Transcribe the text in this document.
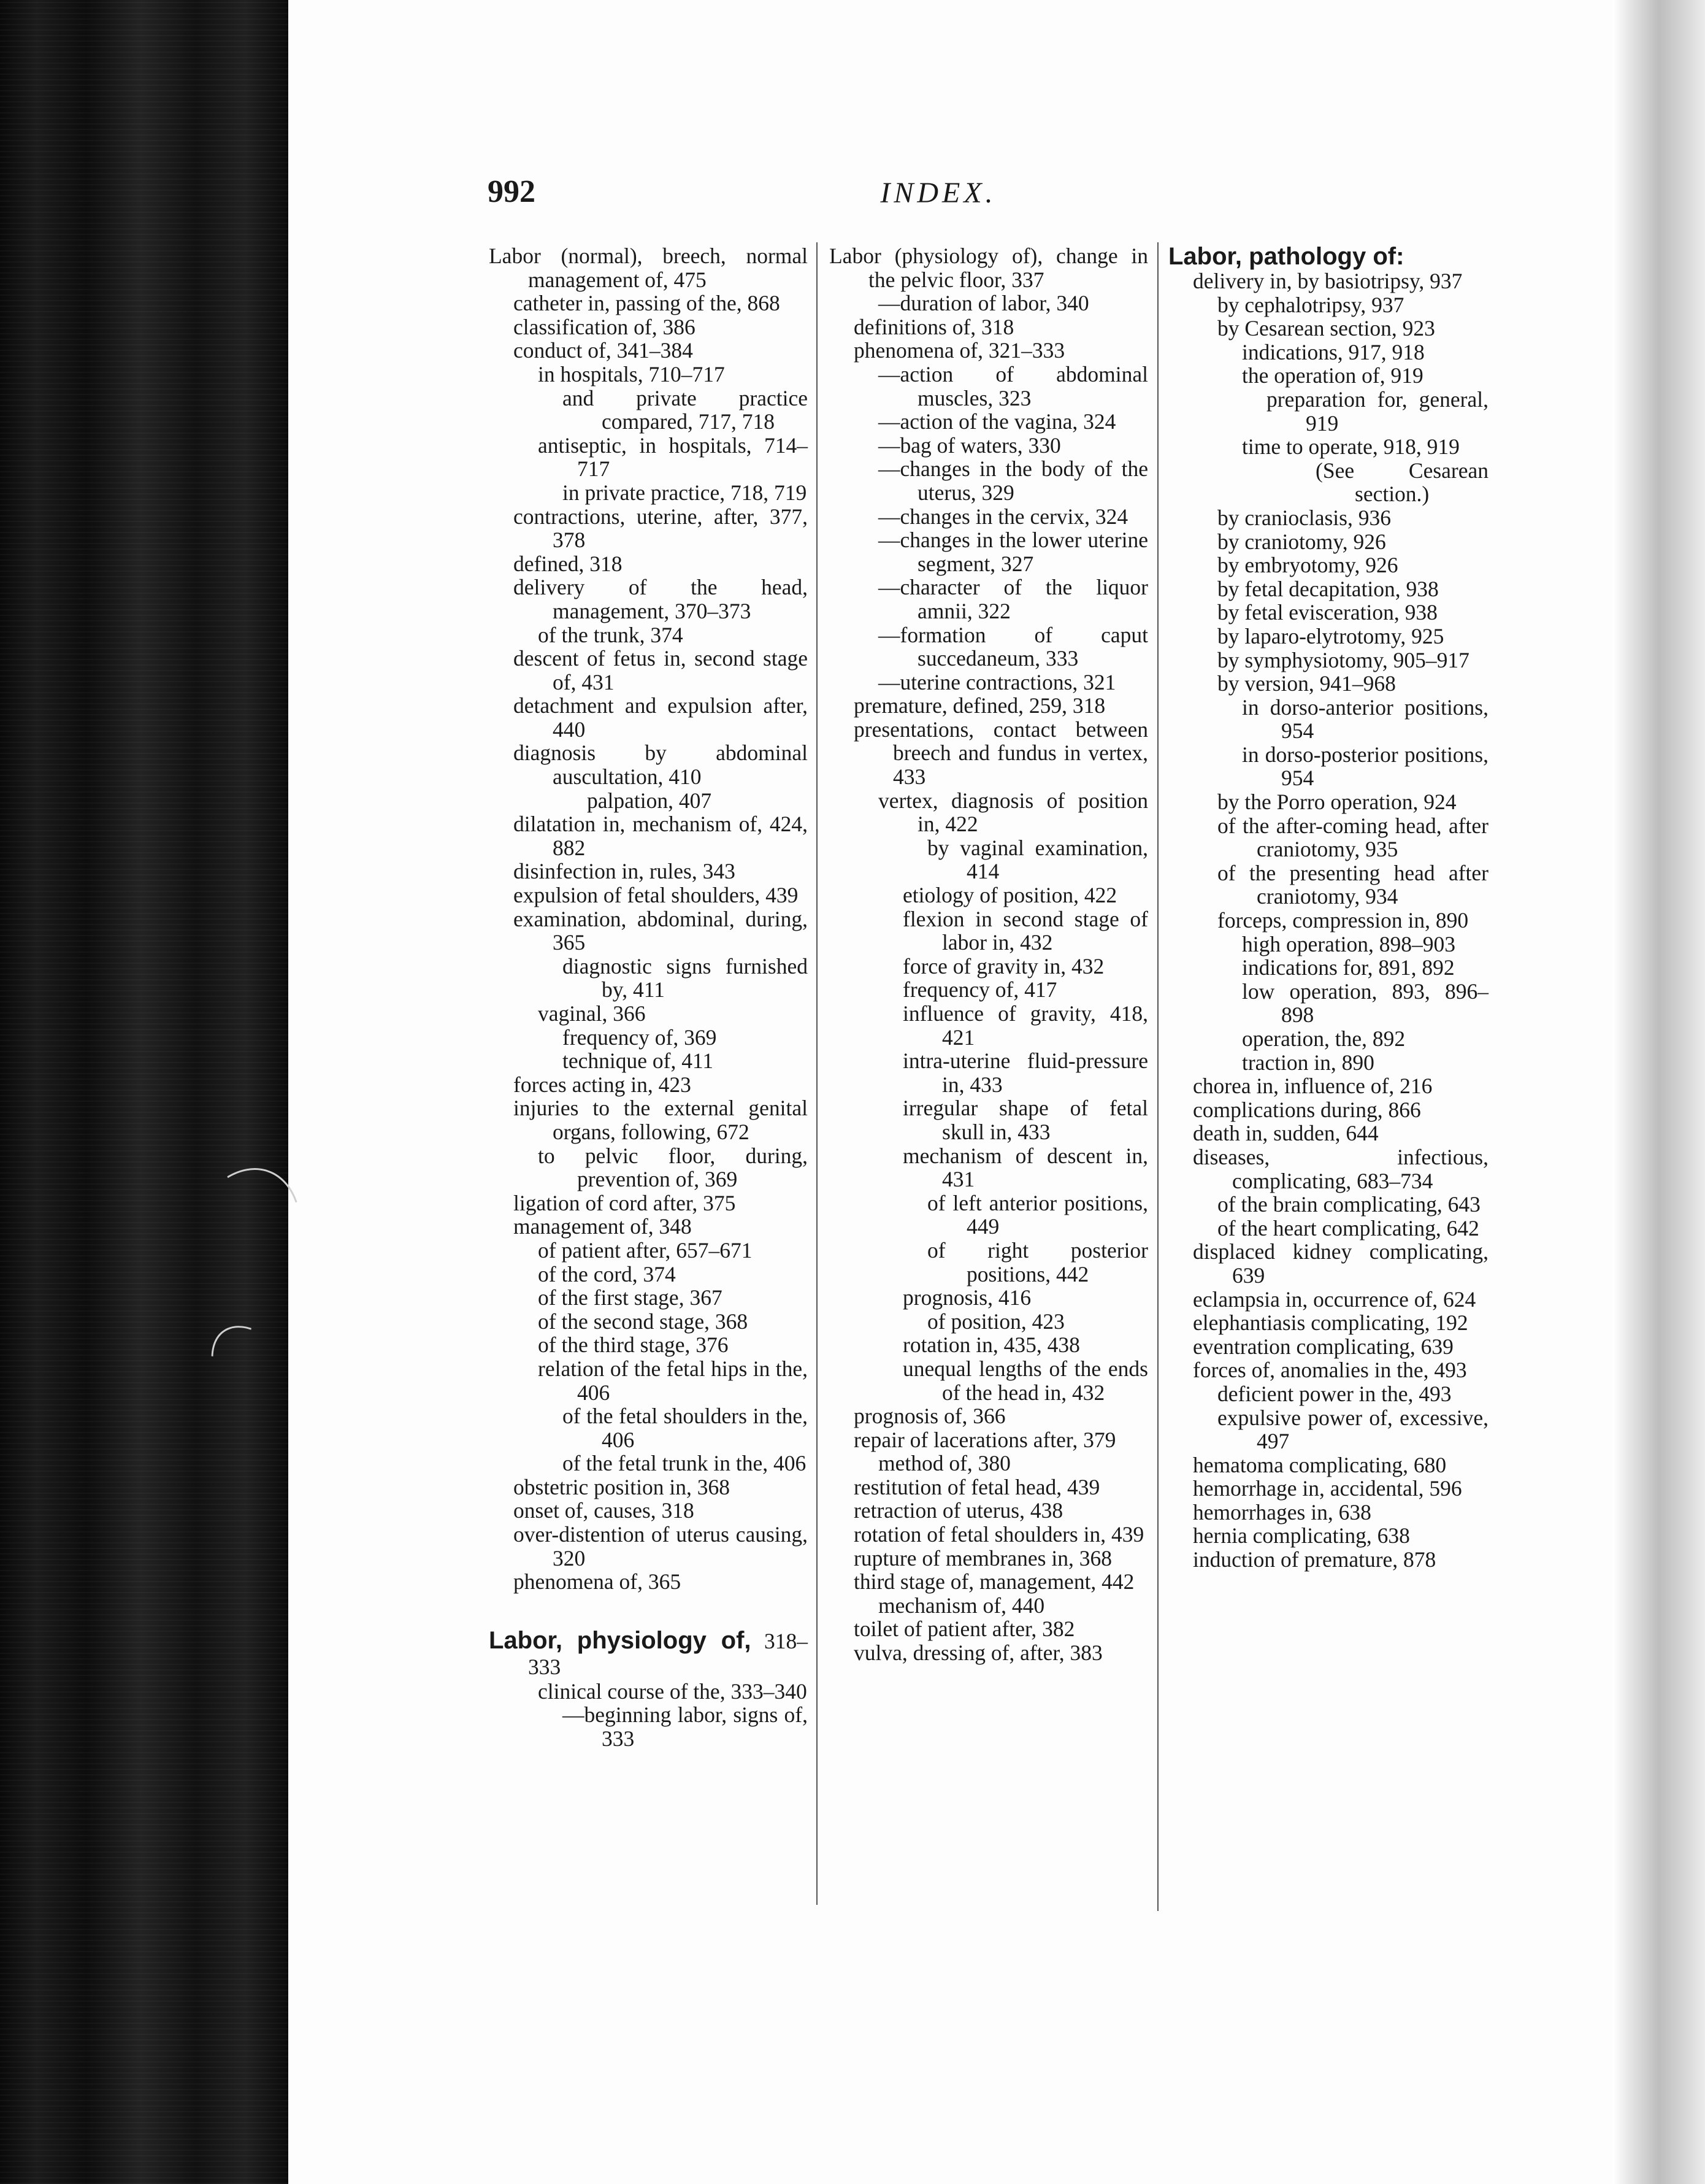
992	INDEX.
Labor (normal), breech, normal management of, 475
catheter in, passing of the, 868
classification of, 386
conduct of, 341–384
in hospitals, 710–717
and private practice compared, 717, 718
antiseptic, in hospitals, 714–717
in private practice, 718, 719
contractions, uterine, after, 377, 378
defined, 318
delivery of the head, management, 370–373
of the trunk, 374
descent of fetus in, second stage of, 431
detachment and expulsion after, 440
diagnosis by abdominal auscultation, 410
palpation, 407
dilatation in, mechanism of, 424, 882
disinfection in, rules, 343
expulsion of fetal shoulders, 439
examination, abdominal, during, 365
diagnostic signs furnished by, 411
vaginal, 366
frequency of, 369
technique of, 411
forces acting in, 423
injuries to the external genital organs, following, 672
to pelvic floor, during, prevention of, 369
ligation of cord after, 375
management of, 348
of patient after, 657–671
of the cord, 374
of the first stage, 367
of the second stage, 368
of the third stage, 376
relation of the fetal hips in the, 406
of the fetal shoulders in the, 406
of the fetal trunk in the, 406
obstetric position in, 368
onset of, causes, 318
over-distention of uterus causing, 320
phenomena of, 365
Labor, physiology of, 318–333
clinical course of the, 333–340
—beginning labor, signs of, 333
Labor (physiology of), change in the pelvic floor, 337
—duration of labor, 340
definitions of, 318
phenomena of, 321–333
—action of abdominal muscles, 323
—action of the vagina, 324
—bag of waters, 330
—changes in the body of the uterus, 329
—changes in the cervix, 324
—changes in the lower uterine segment, 327
—character of the liquor amnii, 322
—formation of caput succedaneum, 333
—uterine contractions, 321
premature, defined, 259, 318
presentations, contact between breech and fundus in vertex, 433
vertex, diagnosis of position in, 422
by vaginal examination, 414
etiology of position, 422
flexion in second stage of labor in, 432
force of gravity in, 432
frequency of, 417
influence of gravity, 418, 421
intra-uterine fluid-pressure in, 433
irregular shape of fetal skull in, 433
mechanism of descent in, 431
of left anterior positions, 449
of right posterior positions, 442
prognosis, 416
of position, 423
rotation in, 435, 438
unequal lengths of the ends of the head in, 432
prognosis of, 366
repair of lacerations after, 379
method of, 380
restitution of fetal head, 439
retraction of uterus, 438
rotation of fetal shoulders in, 439
rupture of membranes in, 368
third stage of, management, 442
mechanism of, 440
toilet of patient after, 382
vulva, dressing of, after, 383
Labor, pathology of:
delivery in, by basiotripsy, 937
by cephalotripsy, 937
by Cesarean section, 923
indications, 917, 918
the operation of, 919
preparation for, general, 919
time to operate, 918, 919
(See Cesarean section.)
by cranioclasis, 936
by craniotomy, 926
by embryotomy, 926
by fetal decapitation, 938
by fetal evisceration, 938
by laparo-elytrotomy, 925
by symphysiotomy, 905–917
by version, 941–968
in dorso-anterior positions, 954
in dorso-posterior positions, 954
by the Porro operation, 924
of the after-coming head, after craniotomy, 935
of the presenting head after craniotomy, 934
forceps, compression in, 890
high operation, 898–903
indications for, 891, 892
low operation, 893, 896–898
operation, the, 892
traction in, 890
chorea in, influence of, 216
complications during, 866
death in, sudden, 644
diseases, infectious, complicating, 683–734
of the brain complicating, 643
of the heart complicating, 642
displaced kidney complicating, 639
eclampsia in, occurrence of, 624
elephantiasis complicating, 192
eventration complicating, 639
forces of, anomalies in the, 493
deficient power in the, 493
expulsive power of, excessive, 497
hematoma complicating, 680
hemorrhage in, accidental, 596
hemorrhages in, 638
hernia complicating, 638
induction of premature, 878
